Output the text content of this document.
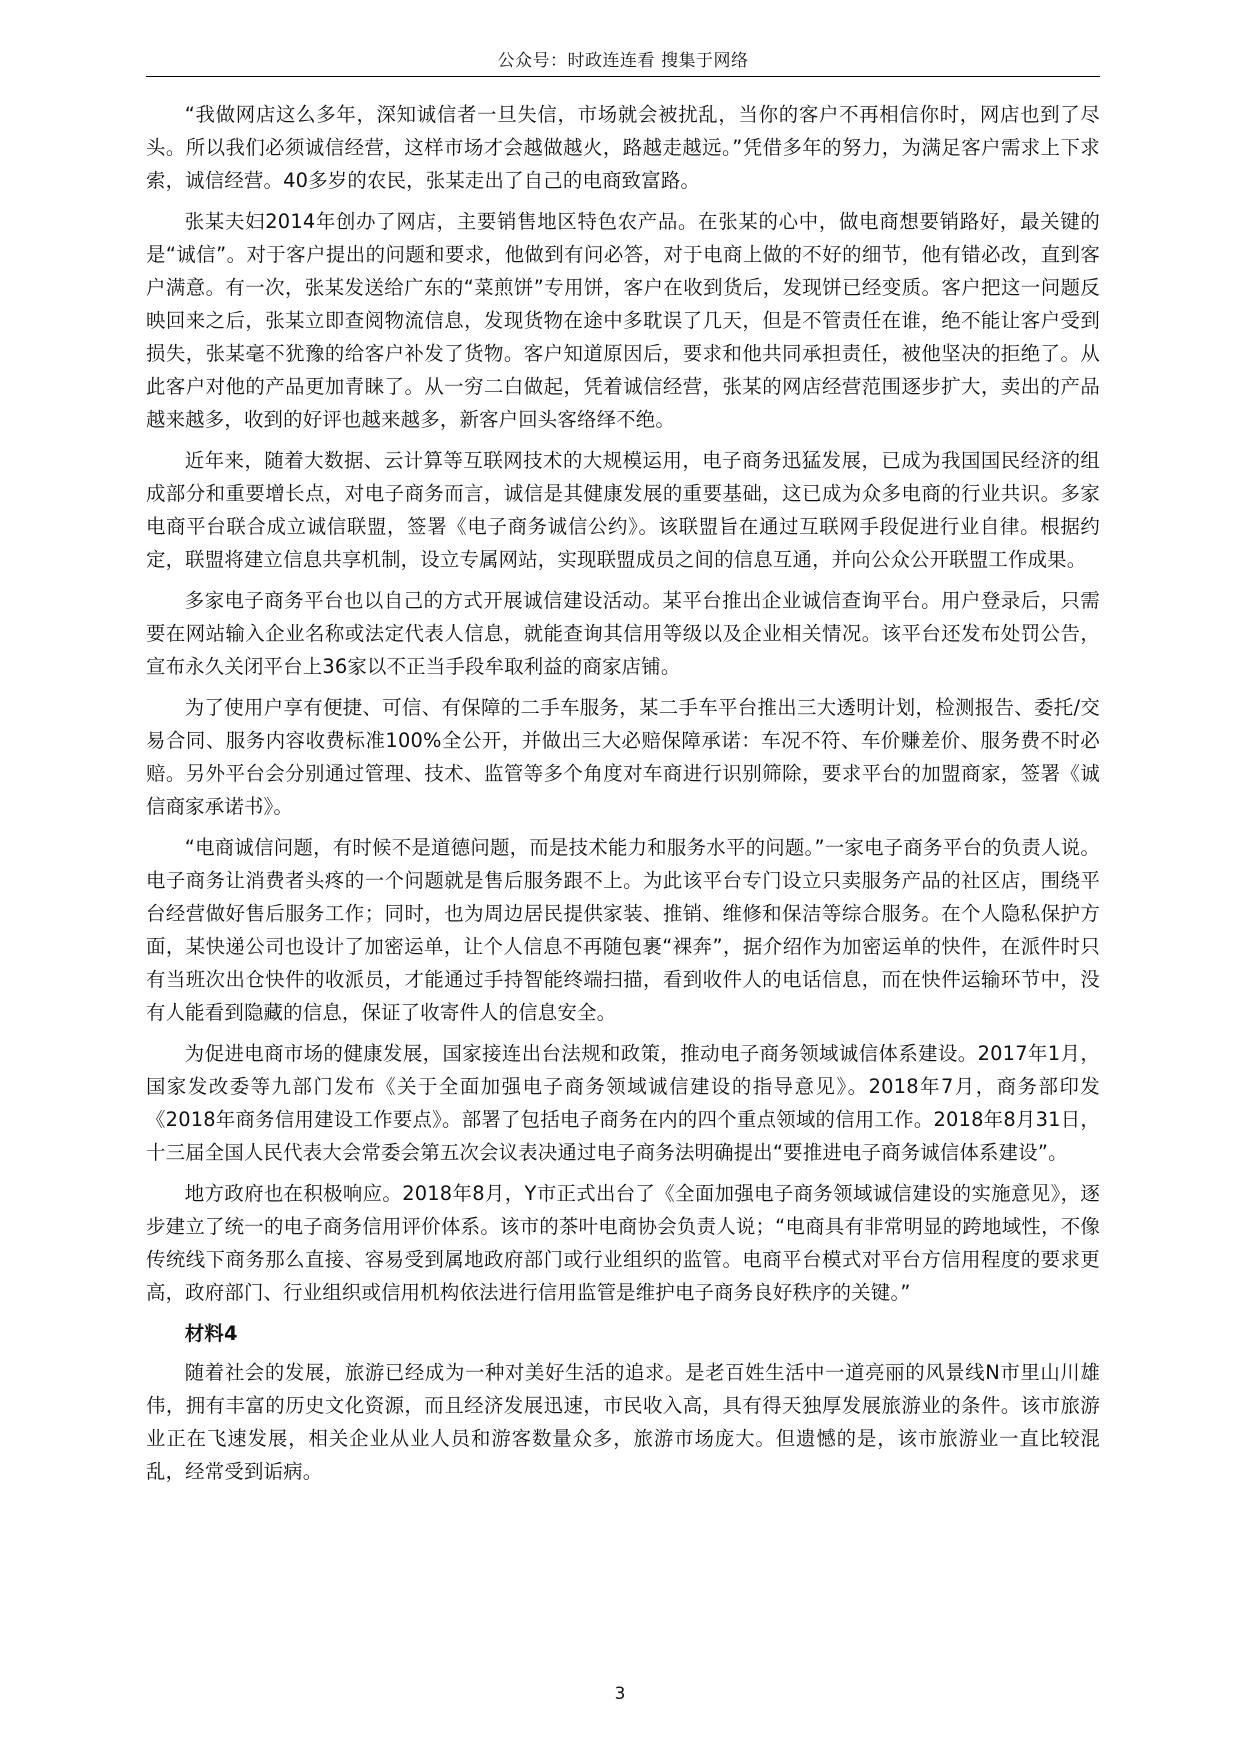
公众号：时政连连看 搜集于网络

“我做网店这么多年，深知诚信者一旦失信，市场就会被扰乱，当你的客户不再相信你时，网店也到了尽头。所以我们必须诚信经营，这样市场才会越做越火，路越走越远。”凭借多年的努力，为满足客户需求上下求索，诚信经营。40多岁的农民，张某走出了自己的电商致富路。

张某夫妇2014年创办了网店，主要销售地区特色农产品。在张某的心中，做电商想要销路好，最关键的是“诚信”。对于客户提出的问题和要求，他做到有问必答，对于电商上做的不好的细节，他有错必改，直到客户满意。有一次，张某发送给广东的“菜煎饼”专用饼，客户在收到货后，发现饼已经变质。客户把这一问题反映回来之后，张某立即查阅物流信息，发现货物在途中多耽误了几天，但是不管责任在谁，绝不能让客户受到损失，张某毫不犹豫的给客户补发了货物。客户知道原因后，要求和他共同承担责任，被他坚决的拒绝了。从此客户对他的产品更加青睐了。从一穷二白做起，凭着诚信经营，张某的网店经营范围逐步扩大，卖出的产品越来越多，收到的好评也越来越多，新客户回头客络绎不绝。

近年来，随着大数据、云计算等互联网技术的大规模运用，电子商务迅猛发展，已成为我国国民经济的组成部分和重要增长点，对电子商务而言，诚信是其健康发展的重要基础，这已成为众多电商的行业共识。多家电商平台联合成立诚信联盟，签署《电子商务诚信公约》。该联盟旨在通过互联网手段促进行业自律。根据约定，联盟将建立信息共享机制，设立专属网站，实现联盟成员之间的信息互通，并向公众公开联盟工作成果。

多家电子商务平台也以自己的方式开展诚信建设活动。某平台推出企业诚信查询平台。用户登录后，只需要在网站输入企业名称或法定代表人信息，就能查询其信用等级以及企业相关情况。该平台还发布处罚公告，宣布永久关闭平台上36家以不正当手段牟取利益的商家店铺。

为了使用户享有便捷、可信、有保障的二手车服务，某二手车平台推出三大透明计划，检测报告、委托/交易合同、服务内容收费标准100%全公开，并做出三大必赔保障承诺：车况不符、车价赚差价、服务费不时必赔。另外平台会分别通过管理、技术、监管等多个角度对车商进行识别筛除，要求平台的加盟商家，签署《诚信商家承诺书》。

“电商诚信问题，有时候不是道德问题，而是技术能力和服务水平的问题。”一家电子商务平台的负责人说。电子商务让消费者头疼的一个问题就是售后服务跟不上。为此该平台专门设立只卖服务产品的社区店，围绕平台经营做好售后服务工作；同时，也为周边居民提供家装、推销、维修和保洁等综合服务。在个人隐私保护方面，某快递公司也设计了加密运单，让个人信息不再随包裹“裸奔”，据介绍作为加密运单的快件，在派件时只有当班次出仓快件的收派员，才能通过手持智能终端扫描，看到收件人的电话信息，而在快件运输环节中，没有人能看到隐藏的信息，保证了收寄件人的信息安全。

为促进电商市场的健康发展，国家接连出台法规和政策，推动电子商务领域诚信体系建设。2017年1月，国家发改委等九部门发布《关于全面加强电子商务领域诚信建设的指导意见》。2018年7月，商务部印发《2018年商务信用建设工作要点》。部署了包括电子商务在内的四个重点领域的信用工作。2018年8月31日，十三届全国人民代表大会常委会第五次会议表决通过电子商务法明确提出“要推进电子商务诚信体系建设”。

地方政府也在积极响应。2018年8月，Y市正式出台了《全面加强电子商务领域诚信建设的实施意见》，逐步建立了统一的电子商务信用评价体系。该市的茶叶电商协会负责人说；“电商具有非常明显的跨地域性，不像传统线下商务那么直接、容易受到属地政府部门或行业组织的监管。电商平台模式对平台方信用程度的要求更高，政府部门、行业组织或信用机构依法进行信用监管是维护电子商务良好秩序的关键。”

材料4

随着社会的发展，旅游已经成为一种对美好生活的追求。是老百姓生活中一道亮丽的风景线N市里山川雄伟，拥有丰富的历史文化资源，而且经济发展迅速，市民收入高，具有得天独厚发展旅游业的条件。该市旅游业正在飞速发展，相关企业从业人员和游客数量众多，旅游市场庞大。但遗憾的是，该市旅游业一直比较混乱，经常受到诟病。

3
